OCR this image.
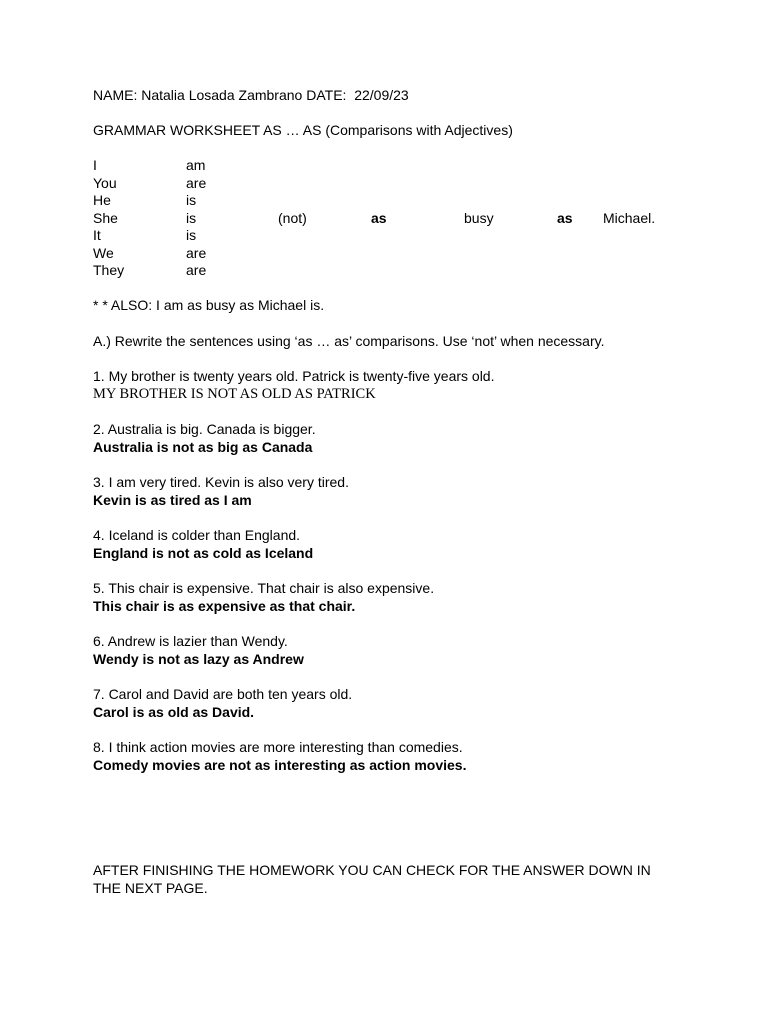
NAME: Natalia Losada Zambrano DATE: 22/09/23
GRAMMAR WORKSHEET AS … AS (Comparisons with Adjectives)
I	am
You	are
He	is
She	is	(not)	as	busy	as Michael.
It	is
We	are
They	are
* * ALSO: I am as busy as Michael is.
A.) Rewrite the sentences using ‘as … as’ comparisons. Use ‘not’ when necessary.
1. My brother is twenty years old. Patrick is twenty-five years old.
MY BROTHER IS NOT AS OLD AS PATRICK
2. Australia is big. Canada is bigger.
Australia is not as big as Canada
3. I am very tired. Kevin is also very tired.
Kevin is as tired as I am
4. Iceland is colder than England.
England is not as cold as Iceland
5. This chair is expensive. That chair is also expensive.
This chair is as expensive as that chair.
6. Andrew is lazier than Wendy.
Wendy is not as lazy as Andrew
7. Carol and David are both ten years old.
Carol is as old as David.
8. I think action movies are more interesting than comedies.
Comedy movies are not as interesting as action movies.
AFTER FINISHING THE HOMEWORK YOU CAN CHECK FOR THE ANSWER DOWN IN THE NEXT PAGE.
